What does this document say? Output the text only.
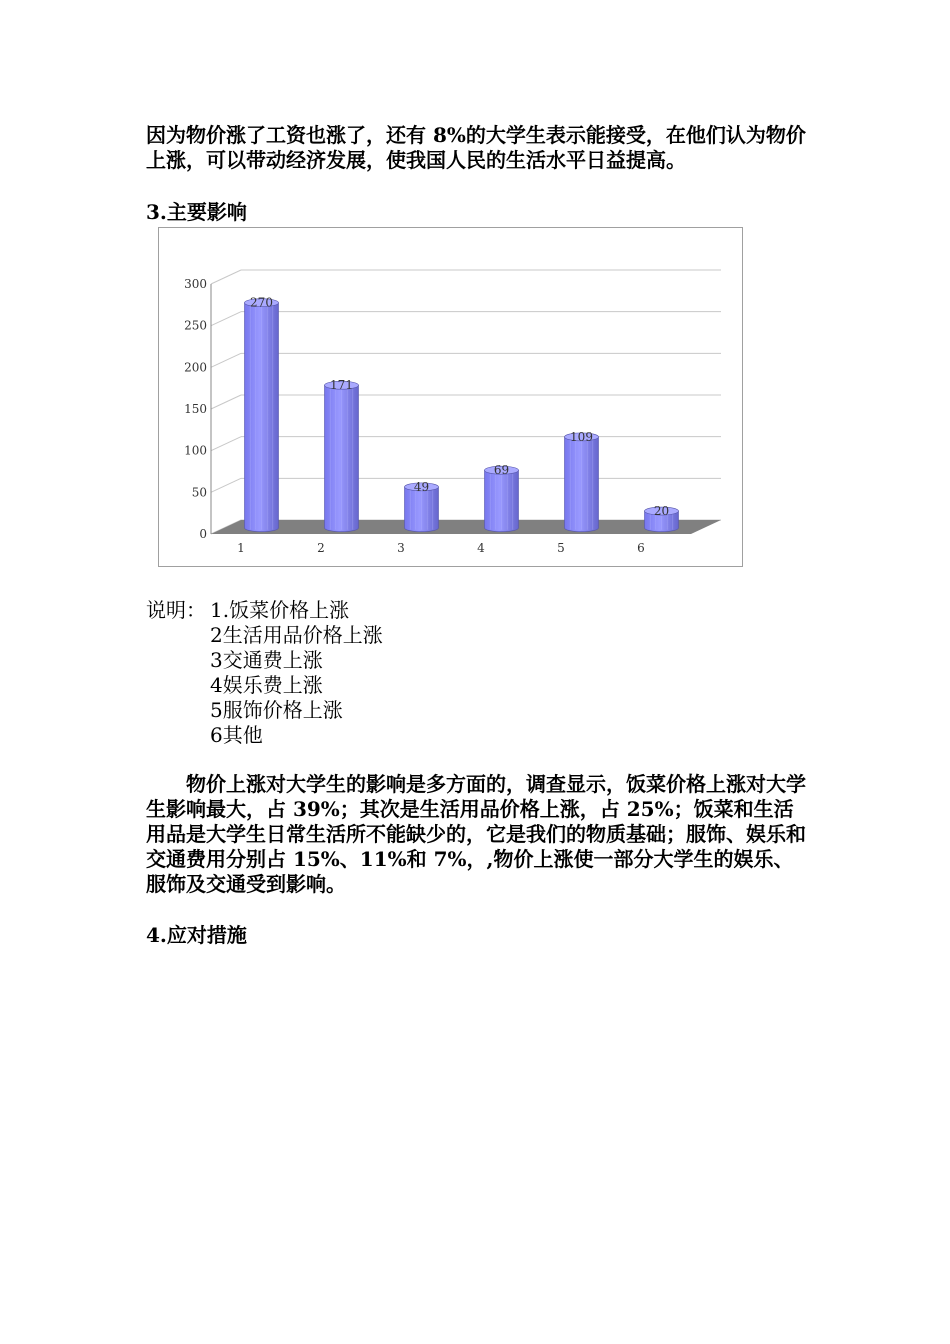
因为物价涨了工资也涨了，还有 8%的大学生表示能接受，在他们认为物价上涨，可以带动经济发展，使我国人民的生活水平日益提高。

3.主要影响

0
50
100
150
200
250
300
270
1
171
2
49
3
69
4
109
5
20
6

说明： 1.饭菜价格上涨

2生活用品价格上涨

3交通费上涨

4娱乐费上涨

5服饰价格上涨

6其他

物价上涨对大学生的影响是多方面的，调查显示，饭菜价格上涨对大学生影响最大，占 39%；其次是生活用品价格上涨，占 25%；饭菜和生活用品是大学生日常生活所不能缺少的，它是我们的物质基础；服饰、娱乐和交通费用分别占 15%、11%和 7%，,物价上涨使一部分大学生的娱乐、服饰及交通受到影响。

4.应对措施
